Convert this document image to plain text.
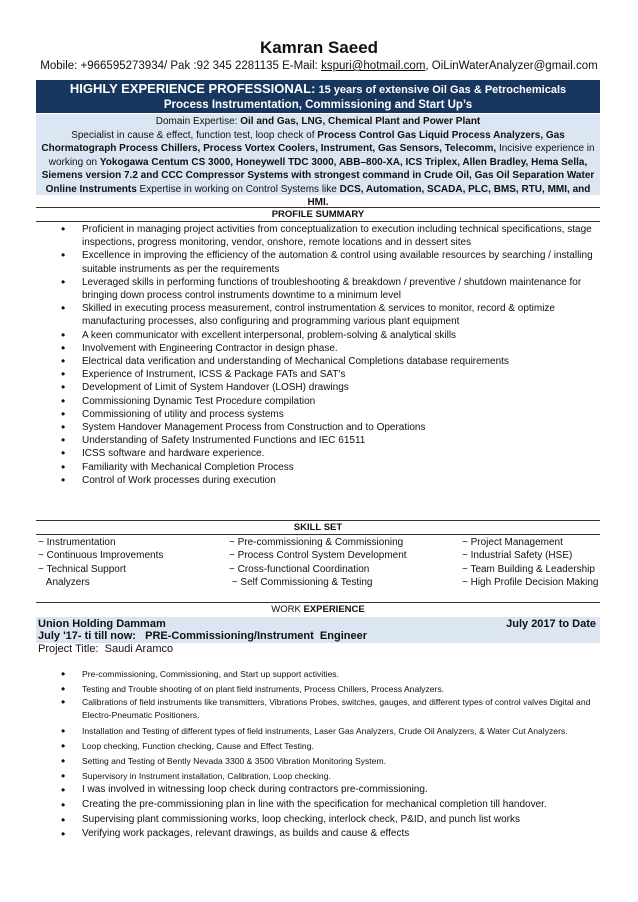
Kamran Saeed
Mobile: +966595273934/ Pak :92 345 2281135 E-Mail: kspuri@hotmail.com, OiLinWaterAnalyzer@gmail.com
HIGHLY EXPERIENCE PROFESSIONAL: 15 years of extensive Oil Gas & Petrochemicals
Process Instrumentation, Commissioning and Start Up’s
Domain Expertise: Oil and Gas, LNG, Chemical Plant and Power Plant
Specialist in cause & effect, function test, loop check of Process Control Gas Liquid Process Analyzers, Gas Chormatograph Process Chillers, Process Vortex Coolers, Instrument, Gas Sensors, Telecomm, Incisive experience in working on Yokogawa Centum CS 3000, Honeywell TDC 3000, ABB–800-XA, ICS Triplex, Allen Bradley, Hema Sella, Siemens version 7.2 and CCC Compressor Systems with strongest command in Crude Oil, Gas Oil Separation Water Online Instruments Expertise in working on Control Systems like DCS, Automation, SCADA, PLC, BMS, RTU, MMI, and HMI.
PROFILE SUMMARY
• Proficient in managing project activities from conceptualization to execution including technical specifications, stage inspections, progress monitoring, vendor, onshore, remote locations and in dessert sites
• Excellence in improving the efficiency of the automation & control using available resources by searching / installing suitable instruments as per the requirements
• Leveraged skills in performing functions of troubleshooting & breakdown / preventive / shutdown maintenance for bringing down process control instruments downtime to a minimum level
• Skilled in executing process measurement, control instrumentation & services to monitor, record & optimize manufacturing processes, also configuring and programming various plant equipment
• A keen communicator with excellent interpersonal, problem-solving & analytical skills
• Involvement with Engineering Contractor in design phase.
• Electrical data verification and understanding of Mechanical Completions database requirements
• Experience of Instrument, ICSS & Package FATs and SAT's
• Development of Limit of System Handover (LOSH) drawings
• Commissioning Dynamic Test Procedure compilation
• Commissioning of utility and process systems
• System Handover Management Process from Construction and to Operations
• Understanding of Safety Instrumented Functions and IEC 61511
• ICSS software and hardware experience.
• Familiarity with Mechanical Completion Process
• Control of Work processes during execution
SKILL SET
~ Instrumentation
~ Continuous Improvements
~ Technical Support
Analyzers
~ Pre-commissioning & Commissioning
~ Process Control System Development
~ Cross-functional Coordination
~ Self Commissioning & Testing
~ Project Management
~ Industrial Safety (HSE)
~ Team Building & Leadership
~ High Profile Decision Making
WORK EXPERIENCE
Union Holding Dammam	July 2017 to Date
July '17- ti till now:   PRE-Commissioning/Instrument  Engineer
Project Title:  Saudi Aramco
• Pre-commissioning, Commissioning, and Start up support activities.
• Testing and Trouble shooting of on plant field instruments, Process Chillers, Process Analyzers.
• Calibrations of field instruments like transmitters, Vibrations Probes, switches, gauges, and different types of control valves Digital and Electro-Pneumatic Positioners.
• Installation and Testing of different types of field instruments, Laser Gas Analyzers, Crude Oil Analyzers, & Water Cut Analyzers.
• Loop checking, Function checking, Cause and Effect Testing.
• Setting and Testing of Bently Nevada 3300 & 3500 Vibration Monitoring System.
• Supervisory in Instrument installation, Calibration, Loop checking.
• I was involved in witnessing loop check during contractors pre-commissioning.
• Creating the pre-commissioning plan in line with the specification for mechanical completion till handover.
• Supervising plant commissioning works, loop checking, interlock check, P&ID, and punch list works
• Verifying work packages, relevant drawings, as builds and cause & effects
